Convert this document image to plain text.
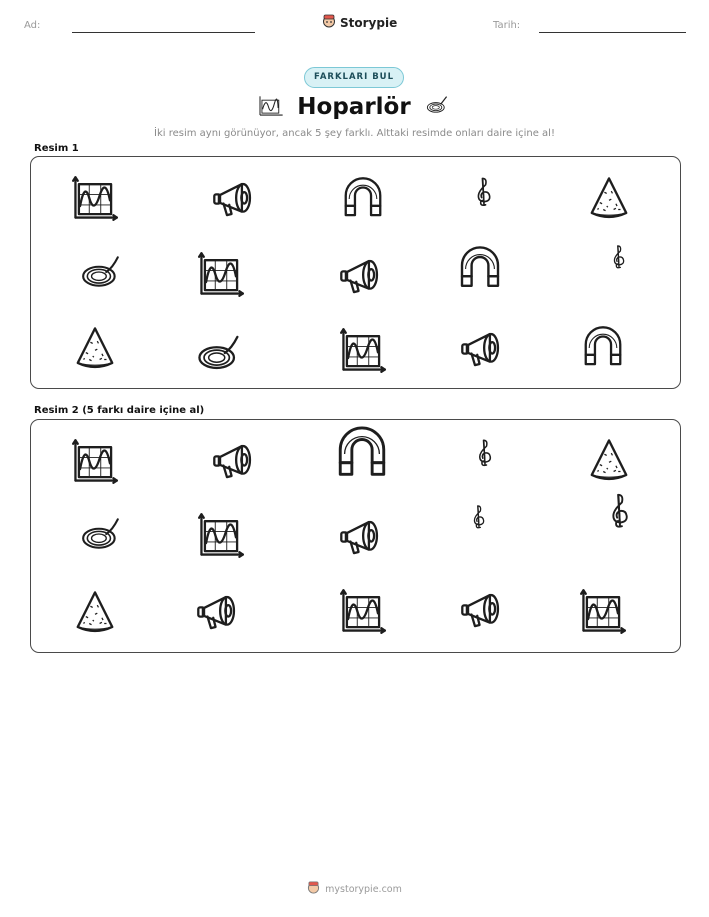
Ad:	Storypie	Tarih:
FARKLARI BUL
Hoparlör
İki resim aynı görünüyor, ancak 5 şey farklı. Alttaki resimde onları daire içine al!
Resim 1
Resim 2 (5 farkı daire içine al)
mystorypie.com
